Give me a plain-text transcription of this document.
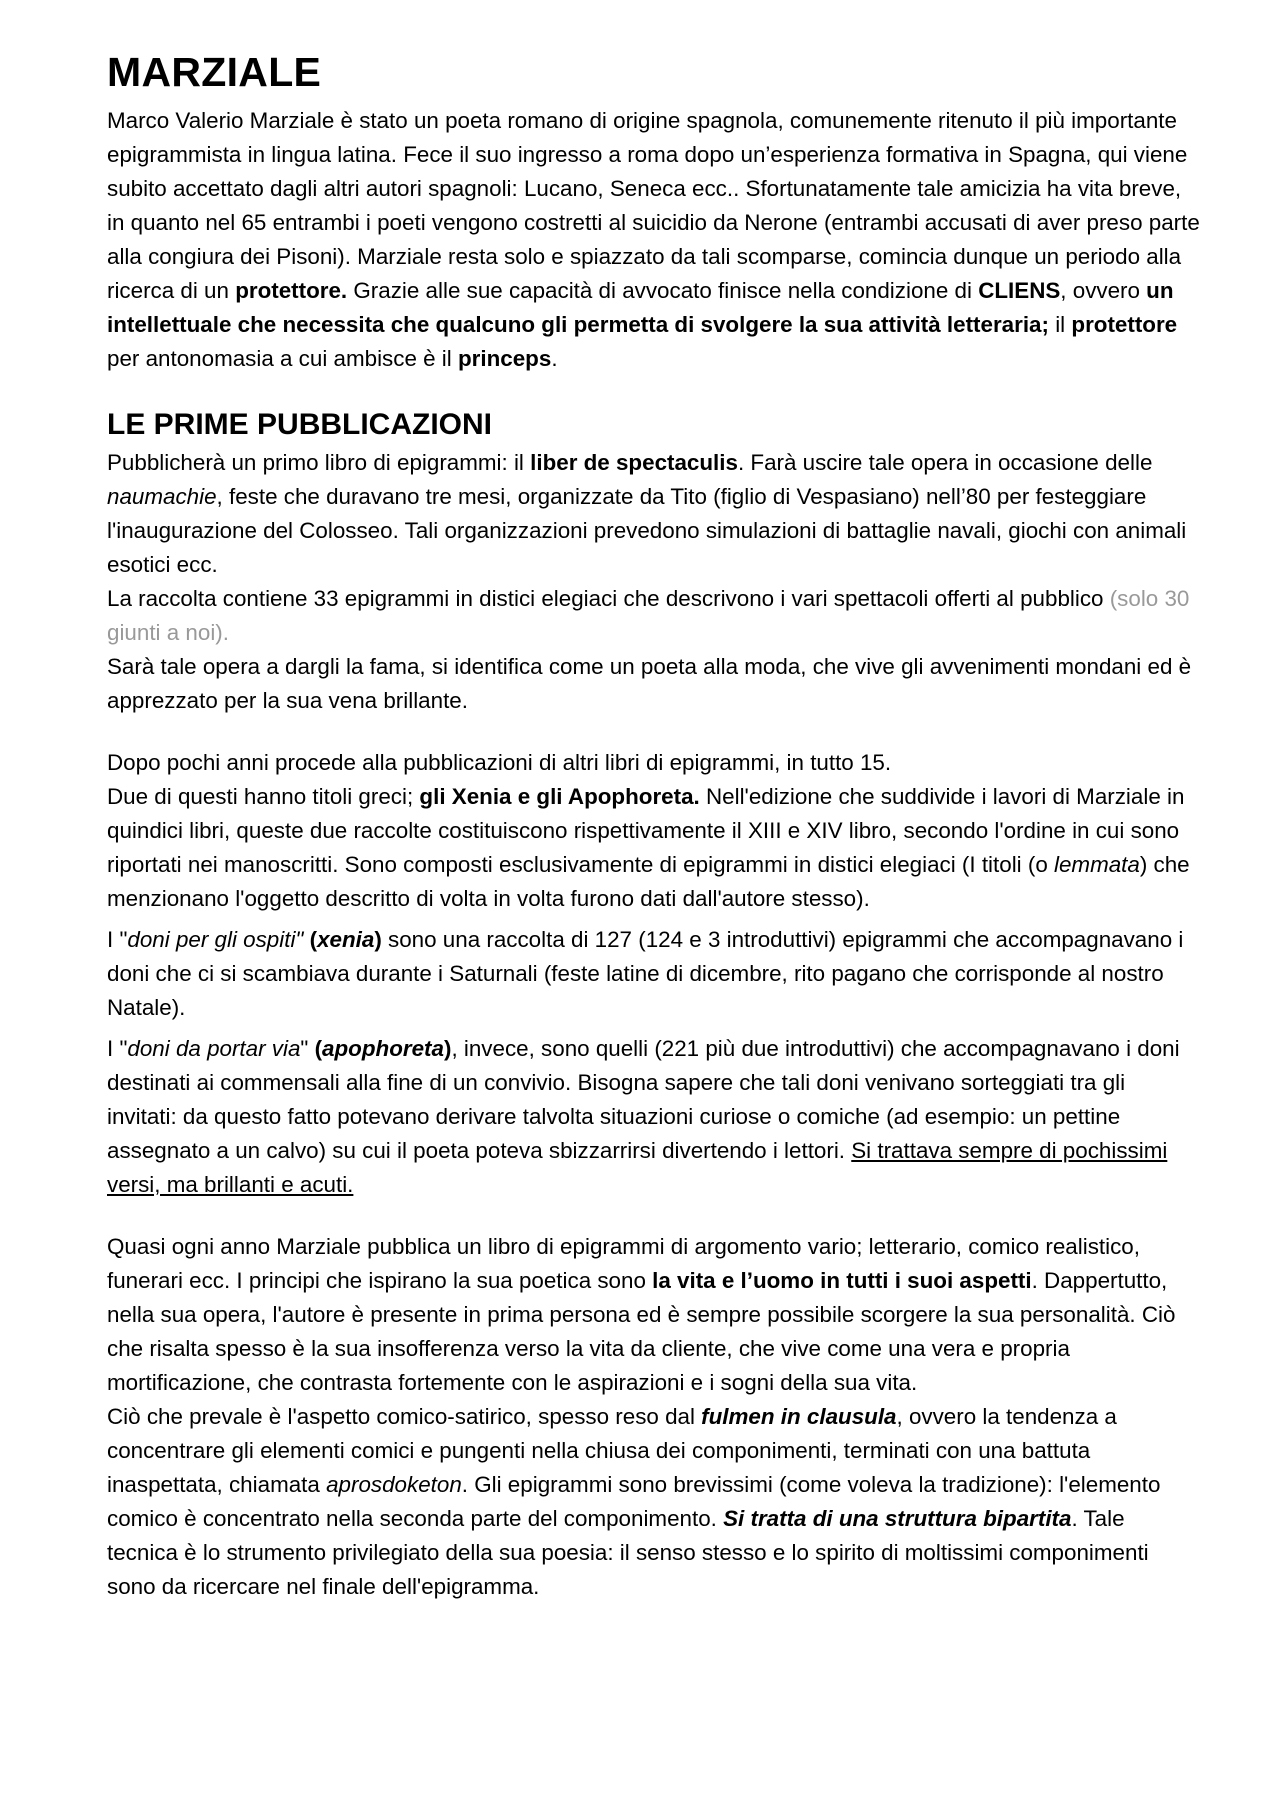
MARZIALE

Marco Valerio Marziale è stato un poeta romano di origine spagnola, comunemente ritenuto il più importante epigrammista in lingua latina. Fece il suo ingresso a roma dopo un’esperienza formativa in Spagna, qui viene subito accettato dagli altri autori spagnoli: Lucano, Seneca ecc.. Sfortunatamente tale amicizia ha vita breve, in quanto nel 65 entrambi i poeti vengono costretti al suicidio da Nerone (entrambi accusati di aver preso parte alla congiura dei Pisoni). Marziale resta solo e spiazzato da tali scomparse, comincia dunque un periodo alla ricerca di un protettore. Grazie alle sue capacità di avvocato finisce nella condizione di CLIENS, ovvero un intellettuale che necessita che qualcuno gli permetta di svolgere la sua attività letteraria; il protettore per antonomasia a cui ambisce è il princeps.

LE PRIME PUBBLICAZIONI

Pubblicherà un primo libro di epigrammi: il liber de spectaculis. Farà uscire tale opera in occasione delle naumachie, feste che duravano tre mesi, organizzate da Tito (figlio di Vespasiano) nell’80 per festeggiare l'inaugurazione del Colosseo. Tali organizzazioni prevedono simulazioni di battaglie navali, giochi con animali esotici ecc.

La raccolta contiene 33 epigrammi in distici elegiaci che descrivono i vari spettacoli offerti al pubblico (solo 30 giunti a noi).

Sarà tale opera a dargli la fama, si identifica come un poeta alla moda, che vive gli avvenimenti mondani ed è apprezzato per la sua vena brillante.

Dopo pochi anni procede alla pubblicazioni di altri libri di epigrammi, in tutto 15.

Due di questi hanno titoli greci; gli Xenia e gli Apophoreta. Nell'edizione che suddivide i lavori di Marziale in quindici libri, queste due raccolte costituiscono rispettivamente il XIII e XIV libro, secondo l'ordine in cui sono riportati nei manoscritti. Sono composti esclusivamente di epigrammi in distici elegiaci (I titoli (o lemmata) che menzionano l'oggetto descritto di volta in volta furono dati dall'autore stesso).

I "doni per gli ospiti" (xenia) sono una raccolta di 127 (124 e 3 introduttivi) epigrammi che accompagnavano i doni che ci si scambiava durante i Saturnali (feste latine di dicembre, rito pagano che corrisponde al nostro Natale).

I "doni da portar via" (apophoreta), invece, sono quelli (221 più due introduttivi) che accompagnavano i doni destinati ai commensali alla fine di un convivio. Bisogna sapere che tali doni venivano sorteggiati tra gli invitati: da questo fatto potevano derivare talvolta situazioni curiose o comiche (ad esempio: un pettine assegnato a un calvo) su cui il poeta poteva sbizzarrirsi divertendo i lettori. Si trattava sempre di pochissimi versi, ma brillanti e acuti.

Quasi ogni anno Marziale pubblica un libro di epigrammi di argomento vario; letterario, comico realistico, funerari ecc. I principi che ispirano la sua poetica sono la vita e l’uomo in tutti i suoi aspetti. Dappertutto, nella sua opera, l'autore è presente in prima persona ed è sempre possibile scorgere la sua personalità. Ciò che risalta spesso è la sua insofferenza verso la vita da cliente, che vive come una vera e propria mortificazione, che contrasta fortemente con le aspirazioni e i sogni della sua vita.

Ciò che prevale è l'aspetto comico-satirico, spesso reso dal fulmen in clausula, ovvero la tendenza a concentrare gli elementi comici e pungenti nella chiusa dei componimenti, terminati con una battuta inaspettata, chiamata aprosdoketon. Gli epigrammi sono brevissimi (come voleva la tradizione): l'elemento comico è concentrato nella seconda parte del componimento. Si tratta di una struttura bipartita. Tale tecnica è lo strumento privilegiato della sua poesia: il senso stesso e lo spirito di moltissimi componimenti sono da ricercare nel finale dell'epigramma.
